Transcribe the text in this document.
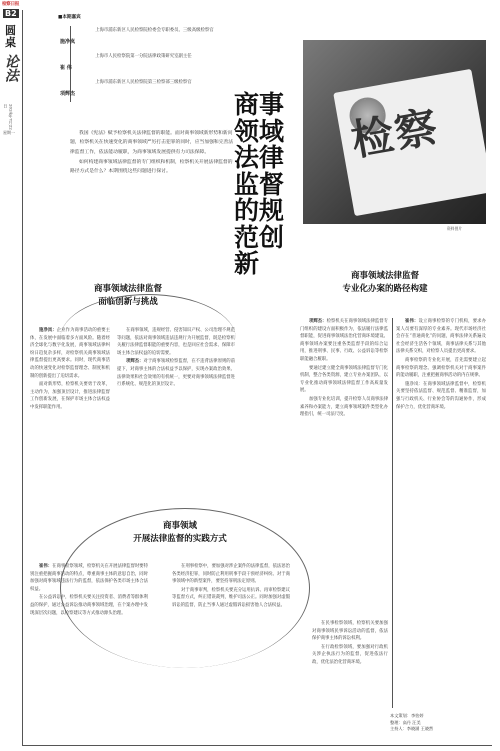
检察日报
B2
圆桌
论法
2024年7月22日
星期一
■本期嘉宾
施净岚 上海市浦东新区人民检察院检委会专职委员、三级高级检察官
崔 伟 上海市人民检察院第一分院法律政策研究室副主任
项辉杰 上海市浦东新区人民检察院第三检察部三级检察官

我国《宪法》赋予检察机关法律监督的职能。面对商事领域新形势和新问题，检察机关在快速变化的商事领域严厉打击犯罪的同时，应当加强和完善法律监督工作，依法能动履职，为商事领域发展提供有力司法保障。

如何构建商事领域法律监督的专门组织和机制，检察机关开展法律监督的路径方式是什么？本期围绕这些问题进行探讨。

商事领域法律监督的规范创新
检察
资料图片
商事领域法律监督
面临创新与挑战

施净岚：企业作为商事活动的重要主体，在发展中面临着多方面风险。随着经济全球化与数字化发展，商事领域法律纠纷日趋复杂多样，对检察机关商事领域法律监督提出更高要求。同时，现代商事活动的快速变化对检察监督理念、制度和机制的创新提出了迫切需求。

面对新形势，检察机关要勇于改革，主动作为，加强顶层设计，推进法律监督工作创新发展，在保护市场主体合法权益中发挥职能作用。

在商事领域，违规经营、侵害知识产权、公司治理不规范等问题，依法对商事领域违法违规行为开展监督，既是检察机关履行法律监督职能的重要内容，也是回应社会需求、保障市场主体合法权益的迫切需要。

项辉杰：对于商事领域检察监督，在不违背法律原则的前提下，对商事主体的合法权益予以保护，实现办案政治效果、法律效果和社会效果的有机统一，更要对商事领域法律监督进行系统化、规范化的顶层设计。

商事领域法律监督
专业化办案的路径构建

项辉杰：检察机关在商事领域法律监督专门组织的建设方面积极作为，依法履行法律监督职能，促进商事领域法治化营商环境建设。商事领域办案要注重各类监督手段的综合运用，推进刑事、民事、行政、公益诉讼等检察职能融合履职。

要通过建立健全商事领域法律监督专门化机制，整合各类资源，建立专业办案团队，以专业化推动商事领域法律监督工作高质量发展。

加强专业化培训，提升检察人员商事法律素养和办案能力，建立商事领域案件类型化办理指引，统一司法尺度。

崔伟：设立商事检察的专门机构，要求办案人员要有深厚的专业素养。现代市场经济社会存在“普通商化”的问题，商事法律关系遍及社会经济生活各个领域，商事法律关系与其他法律关系交织，对检察人员提出更高要求。

商事检察的专业化开展，首先需要建立起商事检察的理念。强调检察机关对于商事案件的能动履职，注重把握商事活动的内在规律。

施净岚：在商事领域法律监督中，检察机关要坚持依法监督、规范监督、精准监督，加强与行政机关、行业协会等的沟通协作，形成保护合力，优化营商环境。

商事领域
开展法律监督的实践方式

崔伟：在商事检察领域，检察机关在开展法律监督时要特别注重把握商事活动的特点，尊重商事主体的意思自治，同时加强对商事领域违法行为的监督，依法保护各类市场主体合法权益。

在公益诉讼中，检察机关要关注投资者、消费者等群体利益的保护，通过公益诉讼推动商事领域治理，在个案办理中发现深层次问题，以检察建议等方式推动源头治理。

在刑事检察中，要加强对涉企案件的法律监督，依法惩治各类经济犯罪，同时防止利用刑事手段干预经济纠纷。对于商事领域中的新型案件，要坚持罪刑法定原则。

对于商事审判，检察机关要充分运用抗诉、再审检察建议等监督方式，纠正错误裁判，维护司法公正。同时加强对虚假诉讼的监督，防止当事人通过虚假诉讼损害他人合法权益。

在民事检察领域，检察机关要加强对商事领域民事诉讼活动的监督，依法保护商事主体的诉讼权利。

在行政检察领域，要加强对行政机关涉企执法行为的监督，促进依法行政，优化法治化营商环境。

本文策划：李怡婷
整理：高丹 汪美
主持人：李晓涵 王晓然
